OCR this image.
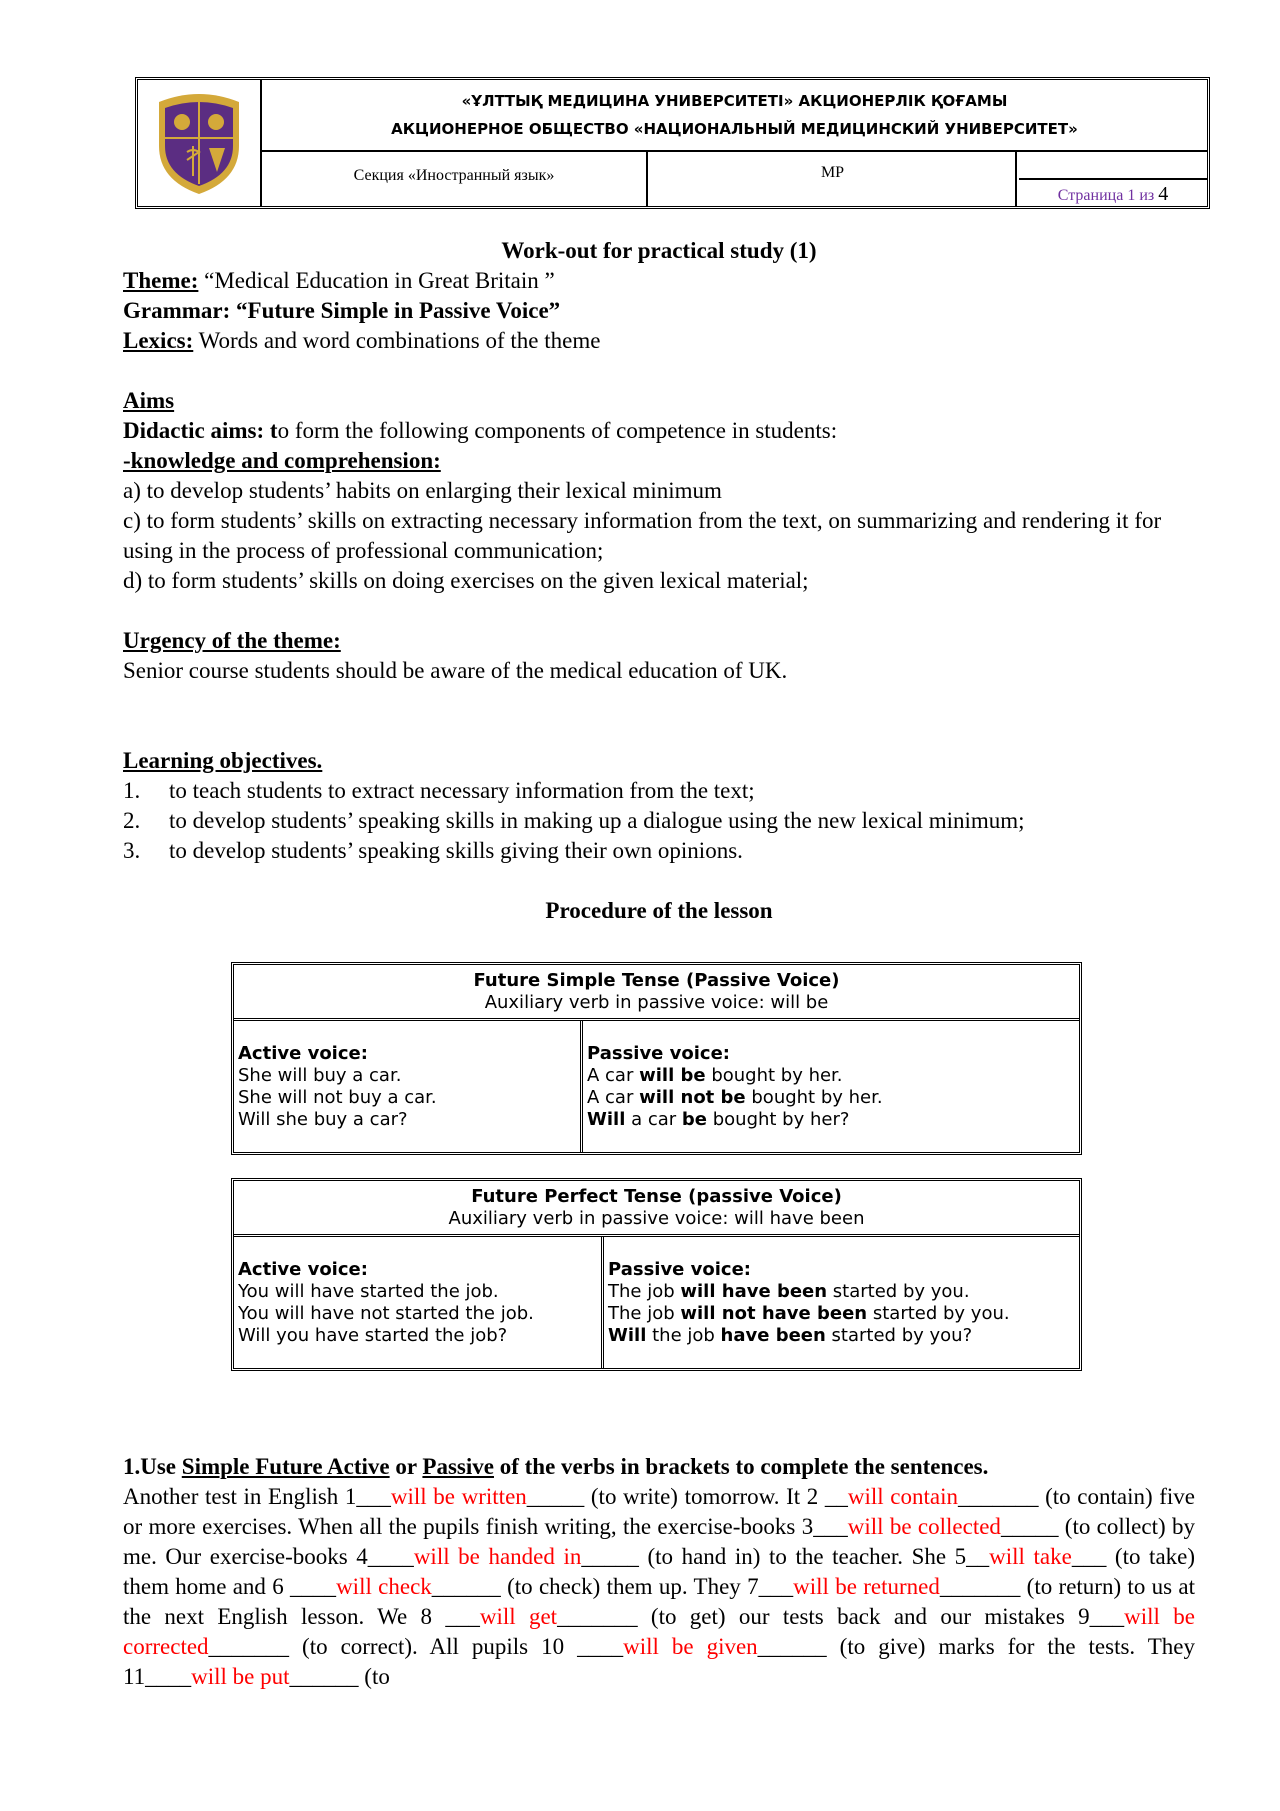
«ҰЛТТЫҚ МЕДИЦИНА УНИВЕРСИТЕТІ» АКЦИОНЕРЛІК ҚОҒАМЫ
АКЦИОНЕРНОЕ ОБЩЕСТВО «НАЦИОНАЛЬНЫЙ МЕДИЦИНСКИЙ УНИВЕРСИТЕТ»
Секция «Иностранный язык»	МР
Страница 1 из 4

Work-out for practical study (1)

Theme: “Medical Education in Great Britain ”

Grammar: “Future Simple in Passive Voice”

Lexics: Words and word combinations of the theme

Aims

Didactic aims: to form the following components of competence in students:

-knowledge and comprehension:

a) to develop students’ habits on enlarging their lexical minimum

c) to form students’ skills on extracting necessary information from the text, on summarizing and rendering it for using in the process of professional communication;

d) to form students’ skills on doing exercises on the given lexical material;

Urgency of the theme:

Senior course students should be aware of the medical education of UK.

Learning objectives.

1.	to teach students to extract necessary information from the text;
2.	to develop students’ speaking skills in making up a dialogue using the new lexical minimum;
3.	to develop students’ speaking skills giving their own opinions.

Procedure of the lesson

Future Simple Tense (Passive Voice)
Auxiliary verb in passive voice: will be
Active voice:
She will buy a car.
She will not buy a car.
Will she buy a car?
Passive voice:
A car will be bought by her.
A car will not be bought by her.
Will a car be bought by her?
Future Perfect Tense (passive Voice)
Auxiliary verb in passive voice: will have been
Active voice:
You will have started the job.
You will have not started the job.
Will you have started the job?
Passive voice:
The job will have been started by you.
The job will not have been started by you.
Will the job have been started by you?

1.Use Simple Future Active or Passive of the verbs in brackets to complete the sentences.

Another test in English 1___will be written_____ (to write) tomorrow. It 2 __will contain_______ (to contain) five or more exercises. When all the pupils finish writing, the exercise-books 3___will be collected_____ (to collect) by me. Our exercise-books 4____will be handed in_____ (to hand in) to the teacher. She 5__will take___ (to take) them home and 6 ____will check______ (to check) them up. They 7___will be returned_______ (to return) to us at the next English lesson. We 8 ___will get_______ (to get) our tests back and our mistakes 9___will be corrected_______ (to correct). All pupils 10 ____will be given______ (to give) marks for the tests. They 11____will be put______ (to
